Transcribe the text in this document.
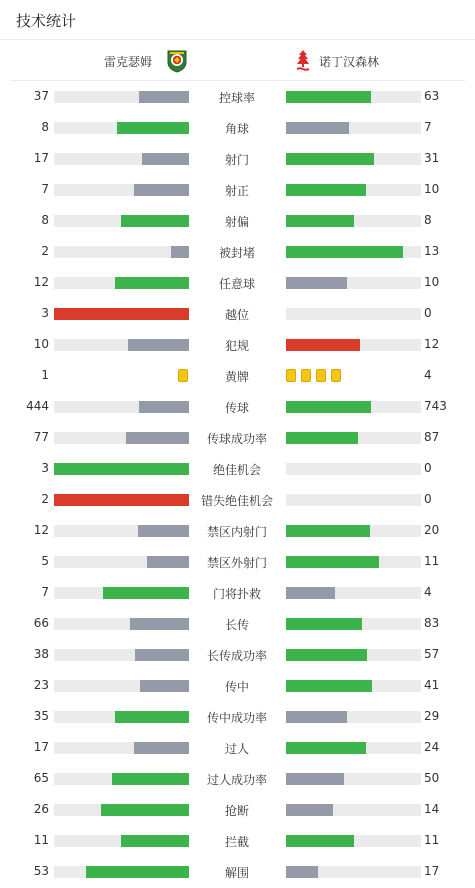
技术统计
雷克瑟姆	诺丁汉森林
37	控球率	63
8	角球	7
17	射门	31
7	射正	10
8	射偏	8
2	被封堵	13
12	任意球	10
3	越位	0
10	犯规	12
1	黄牌	4
444	传球	743
77	传球成功率	87
3	绝佳机会	0
2	错失绝佳机会	0
12	禁区内射门	20
5	禁区外射门	11
7	门将扑救	4
66	长传	83
38	长传成功率	57
23	传中	41
35	传中成功率	29
17	过人	24
65	过人成功率	50
26	抢断	14
11	拦截	11
53	解围	17
